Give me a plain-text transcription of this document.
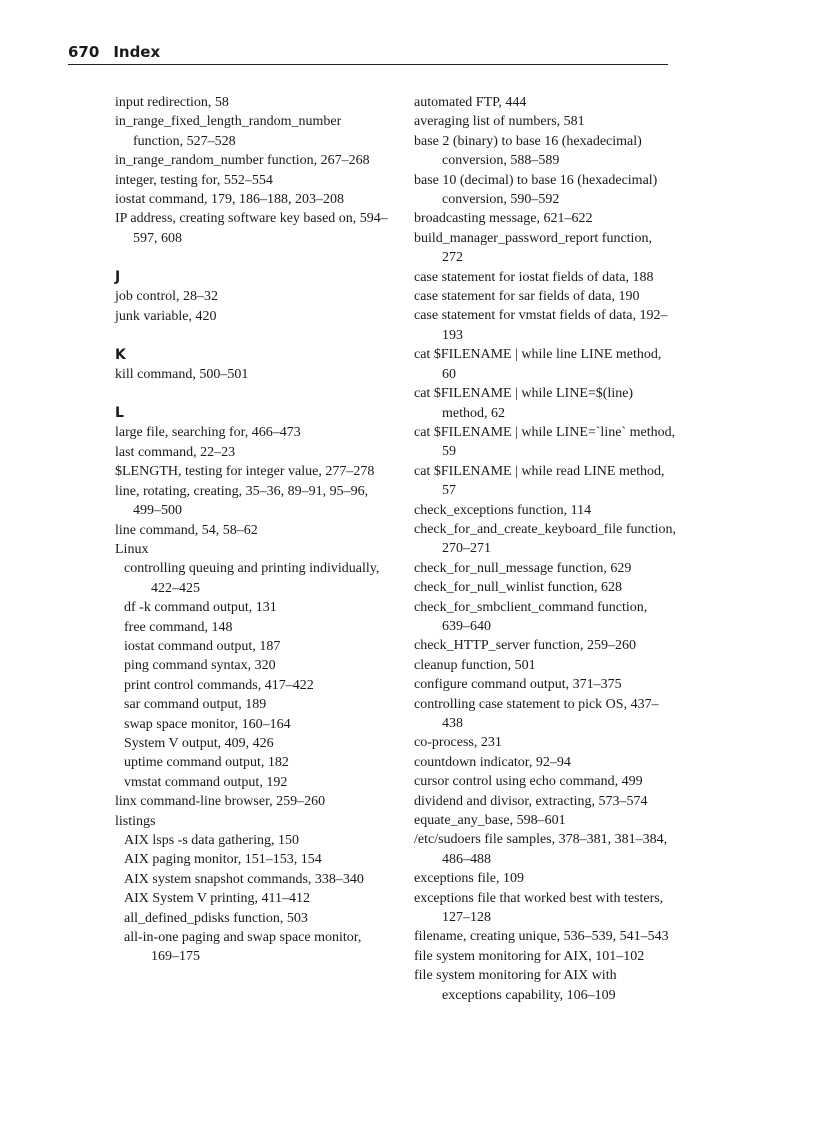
670 Index
input redirection, 58
in_range_fixed_length_random_number function, 527–528
in_range_random_number function, 267–268
integer, testing for, 552–554
iostat command, 179, 186–188, 203–208
IP address, creating software key based on, 594–597, 608
J
job control, 28–32
junk variable, 420
K
kill command, 500–501
L
large file, searching for, 466–473
last command, 22–23
$LENGTH, testing for integer value, 277–278
line, rotating, creating, 35–36, 89–91, 95–96, 499–500
line command, 54, 58–62
Linux
controlling queuing and printing individually, 422–425
df -k command output, 131
free command, 148
iostat command output, 187
ping command syntax, 320
print control commands, 417–422
sar command output, 189
swap space monitor, 160–164
System V output, 409, 426
uptime command output, 182
vmstat command output, 192
linx command-line browser, 259–260
listings
AIX lsps -s data gathering, 150
AIX paging monitor, 151–153, 154
AIX system snapshot commands, 338–340
AIX System V printing, 411–412
all_defined_pdisks function, 503
all-in-one paging and swap space monitor, 169–175
automated FTP, 444
averaging list of numbers, 581
base 2 (binary) to base 16 (hexadecimal) conversion, 588–589
base 10 (decimal) to base 16 (hexadecimal) conversion, 590–592
broadcasting message, 621–622
build_manager_password_report function, 272
case statement for iostat fields of data, 188
case statement for sar fields of data, 190
case statement for vmstat fields of data, 192–193
cat $FILENAME | while line LINE method, 60
cat $FILENAME | while LINE=$(line) method, 62
cat $FILENAME | while LINE=`line` method, 59
cat $FILENAME | while read LINE method, 57
check_exceptions function, 114
check_for_and_create_keyboard_file function, 270–271
check_for_null_message function, 629
check_for_null_winlist function, 628
check_for_smbclient_command function, 639–640
check_HTTP_server function, 259–260
cleanup function, 501
configure command output, 371–375
controlling case statement to pick OS, 437–438
co-process, 231
countdown indicator, 92–94
cursor control using echo command, 499
dividend and divisor, extracting, 573–574
equate_any_base, 598–601
/etc/sudoers file samples, 378–381, 381–384, 486–488
exceptions file, 109
exceptions file that worked best with testers, 127–128
filename, creating unique, 536–539, 541–543
file system monitoring for AIX, 101–102
file system monitoring for AIX with exceptions capability, 106–109
